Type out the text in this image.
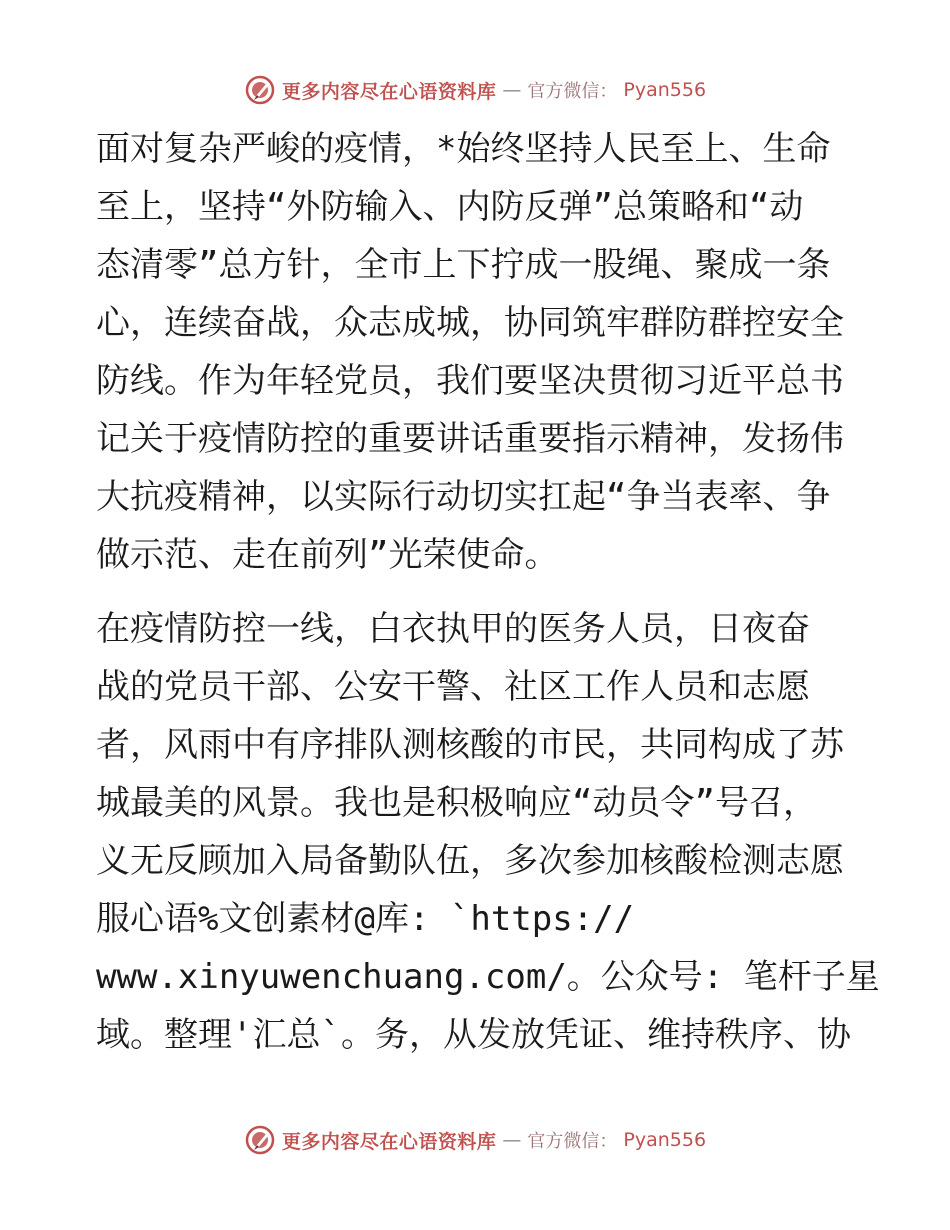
更多内容尽在心语资料库 — 官方微信： Pyan556
面对复杂严峻的疫情，*始终坚持人民至上、生命
至上，坚持“外防输入、内防反弹”总策略和“动
态清零”总方针，全市上下拧成一股绳、聚成一条
心，连续奋战，众志成城，协同筑牢群防群控安全
防线。作为年轻党员，我们要坚决贯彻习近平总书
记关于疫情防控的重要讲话重要指示精神，发扬伟
大抗疫精神，以实际行动切实扛起“争当表率、争
做示范、走在前列”光荣使命。
在疫情防控一线，白衣执甲的医务人员，日夜奋
战的党员干部、公安干警、社区工作人员和志愿
者，风雨中有序排队测核酸的市民，共同构成了苏
城最美的风景。我也是积极响应“动员令”号召，
义无反顾加入局备勤队伍，多次参加核酸检测志愿
服心语%文创素材@库: `https://
www.xinyuwenchuang.com/。公众号: 笔杆子星
域。整理'汇总`。务，从发放凭证、维持秩序、协
更多内容尽在心语资料库 — 官方微信： Pyan556
